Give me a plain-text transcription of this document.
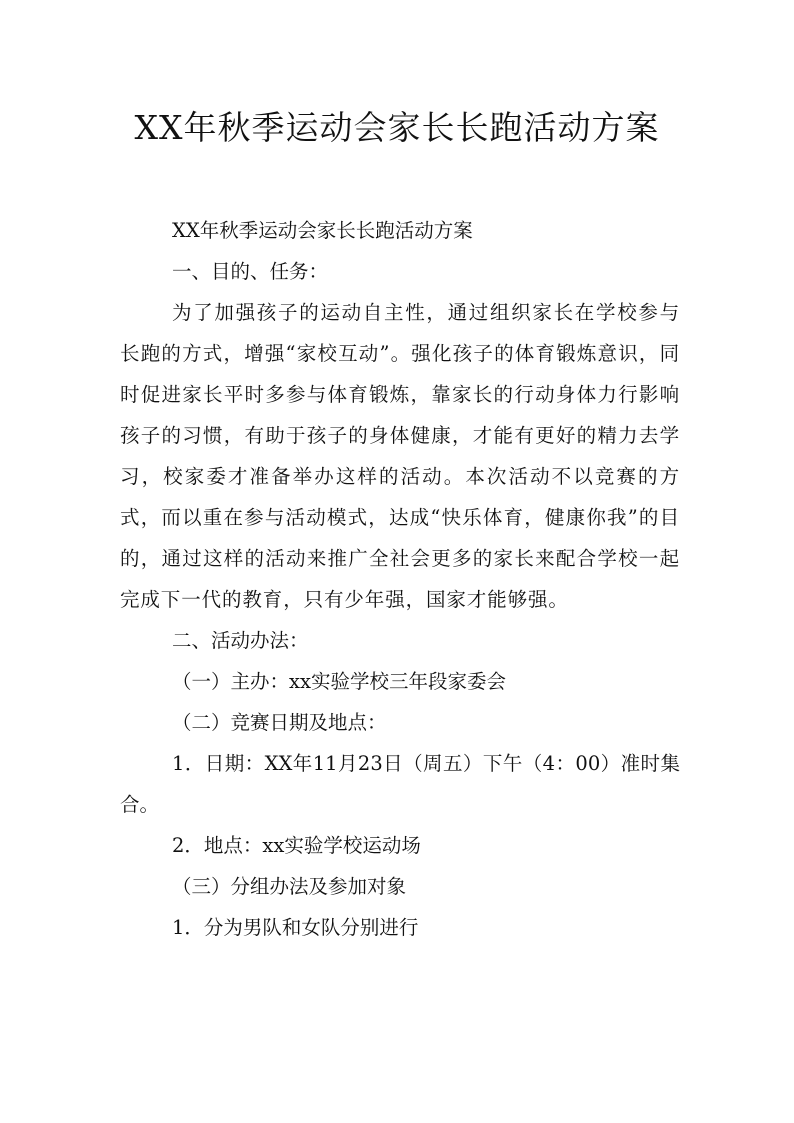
XX年秋季运动会家长长跑活动方案

XX年秋季运动会家长长跑活动方案

一、目的、任务：

为了加强孩子的运动自主性，通过组织家长在学校参与长跑的方式，增强“家校互动”。强化孩子的体育锻炼意识，同时促进家长平时多参与体育锻炼，靠家长的行动身体力行影响孩子的习惯，有助于孩子的身体健康，才能有更好的精力去学习，校家委才准备举办这样的活动。本次活动不以竞赛的方式，而以重在参与活动模式，达成“快乐体育，健康你我”的目的，通过这样的活动来推广全社会更多的家长来配合学校一起完成下一代的教育，只有少年强，国家才能够强。

二、活动办法：

（一）主办：xx实验学校三年段家委会

（二）竞赛日期及地点：

1．日期：XX年11月23日（周五）下午（4：00）准时集合。

2．地点：xx实验学校运动场

（三）分组办法及参加对象

1．分为男队和女队分别进行
